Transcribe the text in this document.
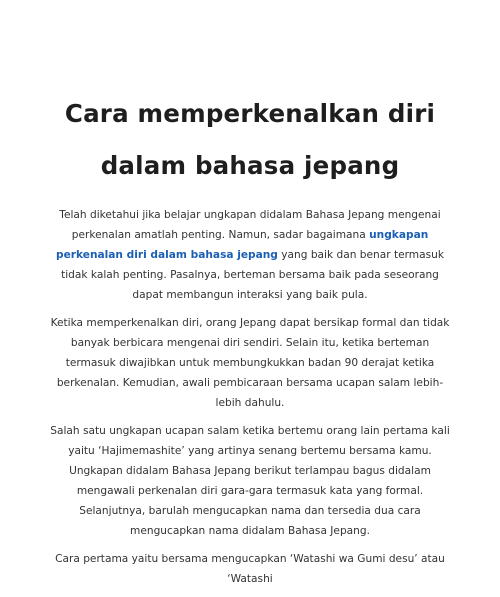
Cara memperkenalkan diri
dalam bahasa jepang

Telah diketahui jika belajar ungkapan didalam Bahasa Jepang mengenai perkenalan amatlah penting. Namun, sadar bagaimana ungkapan perkenalan diri dalam bahasa jepang yang baik dan benar termasuk tidak kalah penting. Pasalnya, berteman bersama baik pada seseorang dapat membangun interaksi yang baik pula.

Ketika memperkenalkan diri, orang Jepang dapat bersikap formal dan tidak banyak berbicara mengenai diri sendiri. Selain itu, ketika berteman termasuk diwajibkan untuk membungkukkan badan 90 derajat ketika berkenalan. Kemudian, awali pembicaraan bersama ucapan salam lebih-lebih dahulu.

Salah satu ungkapan ucapan salam ketika bertemu orang lain pertama kali yaitu ‘Hajimemashite’ yang artinya senang bertemu bersama kamu. Ungkapan didalam Bahasa Jepang berikut terlampau bagus didalam mengawali perkenalan diri gara-gara termasuk kata yang formal. Selanjutnya, barulah mengucapkan nama dan tersedia dua cara mengucapkan nama didalam Bahasa Jepang.

Cara pertama yaitu bersama mengucapkan ‘Watashi wa Gumi desu’ atau ‘Watashi
